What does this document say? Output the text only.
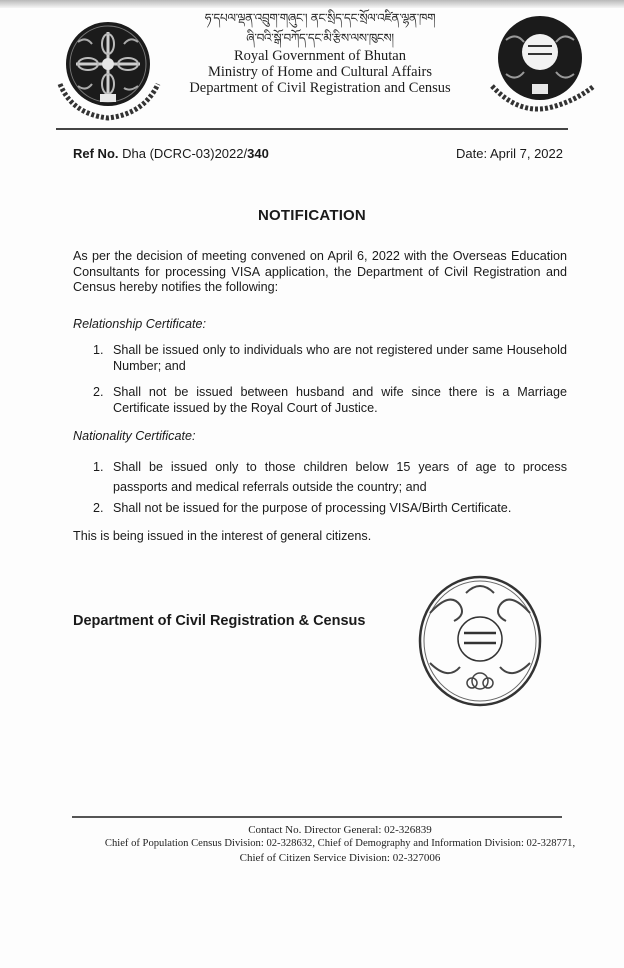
ཧ་དཔལ་ལྡན་འབྲུག་གཞུང་། ནང་སྲིད་དང་སྲོལ་འཛིན་ལྷན་ཁག
ཞི་བའི་སྒོ་བཀོད་དང་མི་རྩིས་ལས་ཁུངས།
Royal Government of Bhutan
Ministry of Home and Cultural Affairs
Department of Civil Registration and Census
Ref No. Dha (DCRC-03)2022/340	Date: April 7, 2022
NOTIFICATION
As per the decision of meeting convened on April 6, 2022 with the Overseas Education Consultants for processing VISA application, the Department of Civil Registration and Census hereby notifies the following:
Relationship Certificate:
1. Shall be issued only to individuals who are not registered under same Household Number; and
2. Shall not be issued between husband and wife since there is a Marriage Certificate issued by the Royal Court of Justice.
Nationality Certificate:
1. Shall be issued only to those children below 15 years of age to process passports and medical referrals outside the country; and
2. Shall not be issued for the purpose of processing VISA/Birth Certificate.
This is being issued in the interest of general citizens.
Department of Civil Registration & Census
Contact No. Director General: 02-326839
Chief of Population Census Division: 02-328632, Chief of Demography and Information Division: 02-328771,
Chief of Citizen Service Division: 02-327006
